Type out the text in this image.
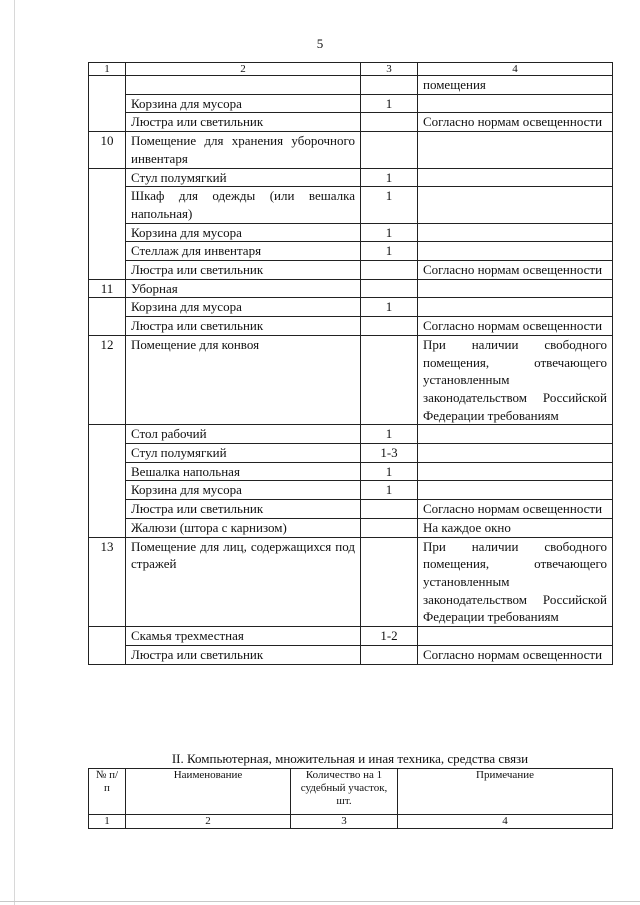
5
1	2	3	4
			помещения
	Корзина для мусора	1	
	Люстра или светильник		Согласно нормам освещенности
10	Помещение для хранения уборочного инвентаря		
	Стул полумягкий	1	
	Шкаф для одежды (или вешалка напольная)	1	
	Корзина для мусора	1	
	Стеллаж для инвентаря	1	
	Люстра или светильник		Согласно нормам освещенности
11	Уборная		
	Корзина для мусора	1	
	Люстра или светильник		Согласно нормам освещенности
12	Помещение для конвоя		При наличии свободного помещения, отвечающего установленным законодательством Российской Федерации требованиям
	Стол рабочий	1	
	Стул полумягкий	1-3	
	Вешалка напольная	1	
	Корзина для мусора	1	
	Люстра или светильник		Согласно нормам освещенности
	Жалюзи (штора с карнизом)		На каждое окно
13	Помещение для лиц, содержащихся под стражей		При наличии свободного помещения, отвечающего установленным законодательством Российской Федерации требованиям
	Скамья трехместная	1-2	
	Люстра или светильник		Согласно нормам освещенности
II. Компьютерная, множительная и иная техника, средства связи
№ п/п	Наименование	Количество на 1 судебный участок, шт.	Примечание
1	2	3	4
